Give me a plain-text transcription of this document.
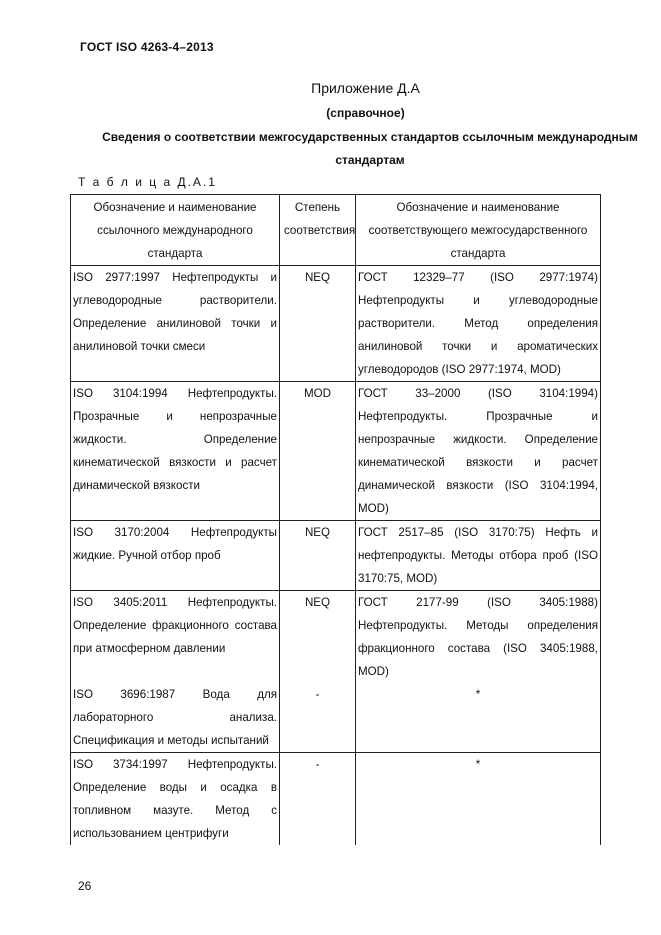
ГОСТ ISO 4263-4–2013
Приложение Д.А
(справочное)
Сведения о соответствии межгосударственных стандартов ссылочным международным стандартам
Т а б л и ц а Д.А.1
Обозначение и наименование ссылочного международного стандарта	Степень соответствия	Обозначение и наименование соответствующего межгосударственного стандарта
ISO 2977:1997 Нефтепродукты и углеводородные растворители. Определение анилиновой точки и анилиновой точки смеси	NEQ	ГОСТ 12329–77 (ISO 2977:1974) Нефтепродукты и углеводородные растворители. Метод определения анилиновой точки и ароматических углеводородов (ISO 2977:1974, MOD)
ISO 3104:1994 Нефтепродукты. Прозрачные и непрозрачные жидкости. Определение кинематической вязкости и расчет динамической вязкости	MOD	ГОСТ 33–2000 (ISO 3104:1994) Нефтепродукты. Прозрачные и непрозрачные жидкости. Определение кинематической вязкости и расчет динамической вязкости (ISO 3104:1994, MOD)
ISO 3170:2004 Нефтепродукты жидкие. Ручной отбор проб	NEQ	ГОСТ 2517–85 (ISO 3170:75) Нефть и нефтепродукты. Методы отбора проб (ISO 3170:75, MOD)
ISO 3405:2011 Нефтепродукты. Определение фракционного состава при атмосферном давлении	NEQ	ГОСТ 2177-99 (ISO 3405:1988) Нефтепродукты. Методы определения фракционного состава (ISO 3405:1988, MOD)
ISO 3696:1987 Вода для лабораторного анализа. Спецификация и методы испытаний	-	*
ISO 3734:1997 Нефтепродукты. Определение воды и осадка в топливном мазуте. Метод с использованием центрифуги	-	*
26
